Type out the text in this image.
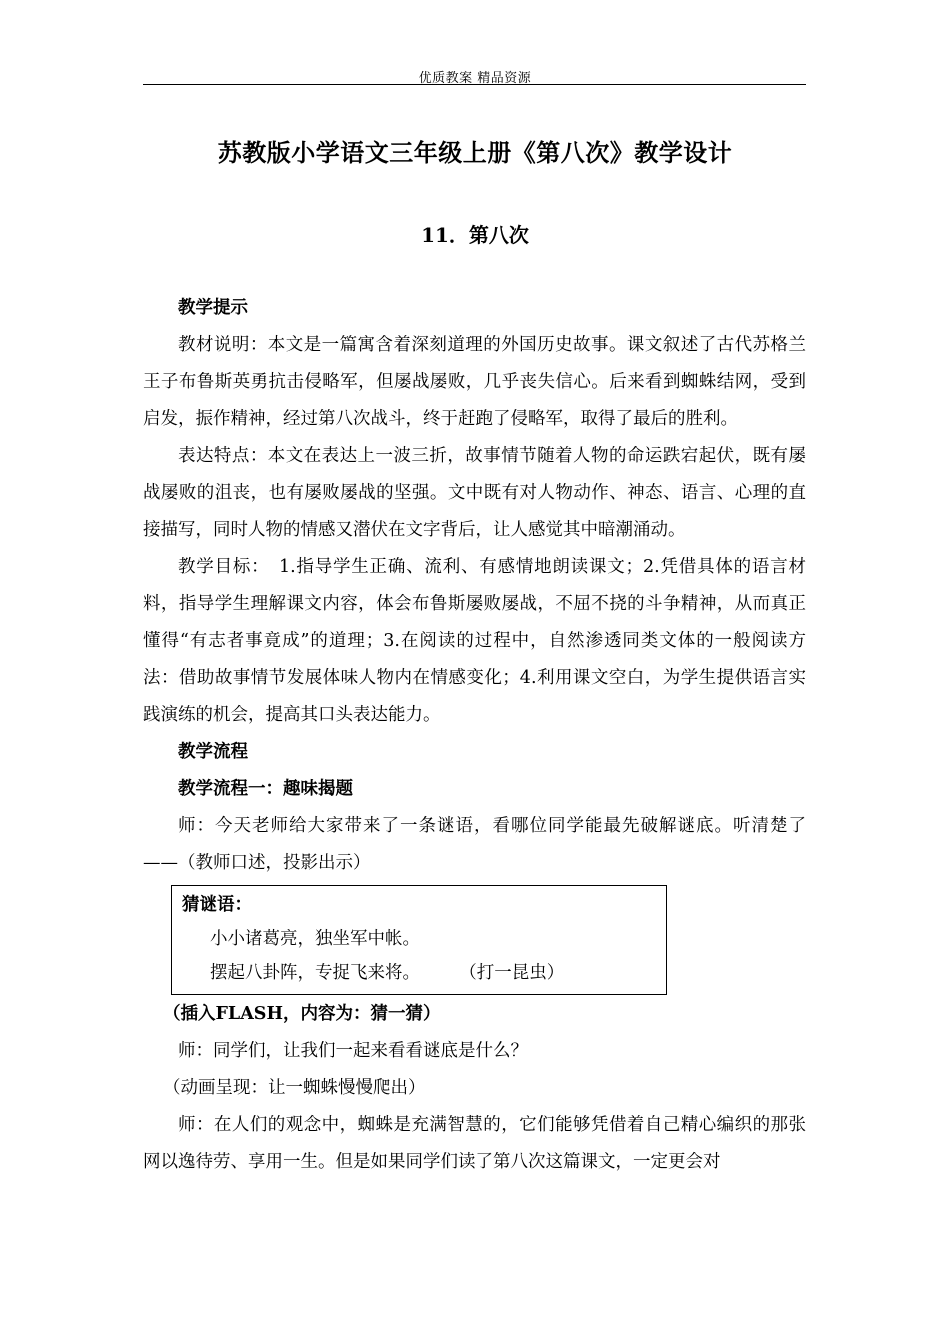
优质教案 精品资源
苏教版小学语文三年级上册《第八次》教学设计
11．第八次

教学提示

教材说明：本文是一篇寓含着深刻道理的外国历史故事。课文叙述了古代苏格兰王子布鲁斯英勇抗击侵略军，但屡战屡败，几乎丧失信心。后来看到蜘蛛结网，受到启发，振作精神，经过第八次战斗，终于赶跑了侵略军，取得了最后的胜利。

表达特点：本文在表达上一波三折，故事情节随着人物的命运跌宕起伏，既有屡战屡败的沮丧，也有屡败屡战的坚强。文中既有对人物动作、神态、语言、心理的直接描写，同时人物的情感又潜伏在文字背后，让人感觉其中暗潮涌动。

教学目标：　1.指导学生正确、流利、有感情地朗读课文；2.凭借具体的语言材料，指导学生理解课文内容，体会布鲁斯屡败屡战，不屈不挠的斗争精神，从而真正懂得“有志者事竟成”的道理；3.在阅读的过程中，自然渗透同类文体的一般阅读方法：借助故事情节发展体味人物内在情感变化；4.利用课文空白，为学生提供语言实践演练的机会，提高其口头表达能力。

教学流程

教学流程一：趣味揭题

师：今天老师给大家带来了一条谜语，看哪位同学能最先破解谜底。听清楚了——（教师口述，投影出示）

猜谜语：
小小诸葛亮，独坐军中帐。
摆起八卦阵，专捉飞来将。	（打一昆虫）

（插入FLASH，内容为：猜一猜）

师：同学们，让我们一起来看看谜底是什么？

（动画呈现：让一蜘蛛慢慢爬出）

师：在人们的观念中，蜘蛛是充满智慧的，它们能够凭借着自己精心编织的那张网以逸待劳、享用一生。但是如果同学们读了第八次这篇课文，一定更会对
